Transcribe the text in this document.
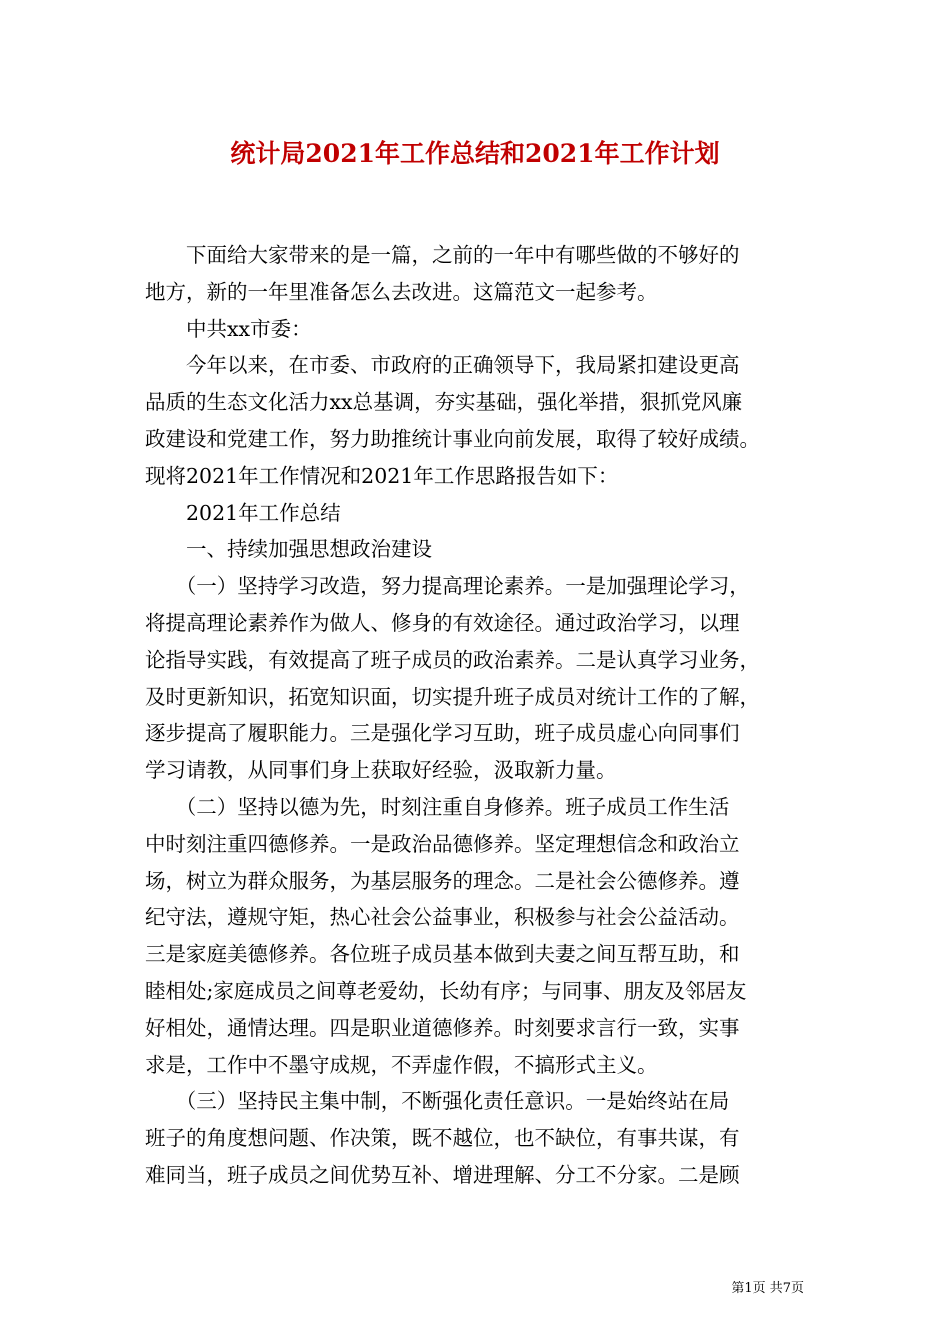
统计局2021年工作总结和2021年工作计划
　　下面给大家带来的是一篇，之前的一年中有哪些做的不够好的
地方，新的一年里准备怎么去改进。这篇范文一起参考。
　　中共xx市委：
　　今年以来，在市委、市政府的正确领导下，我局紧扣建设更高
品质的生态文化活力xx总基调，夯实基础，强化举措，狠抓党风廉
政建设和党建工作，努力助推统计事业向前发展，取得了较好成绩。
现将2021年工作情况和2021年工作思路报告如下：
　　2021年工作总结
　　一、持续加强思想政治建设
　　（一）坚持学习改造，努力提高理论素养。一是加强理论学习，
将提高理论素养作为做人、修身的有效途径。通过政治学习，以理
论指导实践，有效提高了班子成员的政治素养。二是认真学习业务，
及时更新知识，拓宽知识面，切实提升班子成员对统计工作的了解，
逐步提高了履职能力。三是强化学习互助，班子成员虚心向同事们
学习请教，从同事们身上获取好经验，汲取新力量。
　　（二）坚持以德为先，时刻注重自身修养。班子成员工作生活
中时刻注重四德修养。一是政治品德修养。坚定理想信念和政治立
场，树立为群众服务，为基层服务的理念。二是社会公德修养。遵
纪守法，遵规守矩，热心社会公益事业，积极参与社会公益活动。
三是家庭美德修养。各位班子成员基本做到夫妻之间互帮互助，和
睦相处;家庭成员之间尊老爱幼，长幼有序；与同事、朋友及邻居友
好相处，通情达理。四是职业道德修养。时刻要求言行一致，实事
求是，工作中不墨守成规，不弄虚作假，不搞形式主义。
　　（三）坚持民主集中制，不断强化责任意识。一是始终站在局
班子的角度想问题、作决策，既不越位，也不缺位，有事共谋，有
难同当，班子成员之间优势互补、增进理解、分工不分家。二是顾
第1页 共7页
